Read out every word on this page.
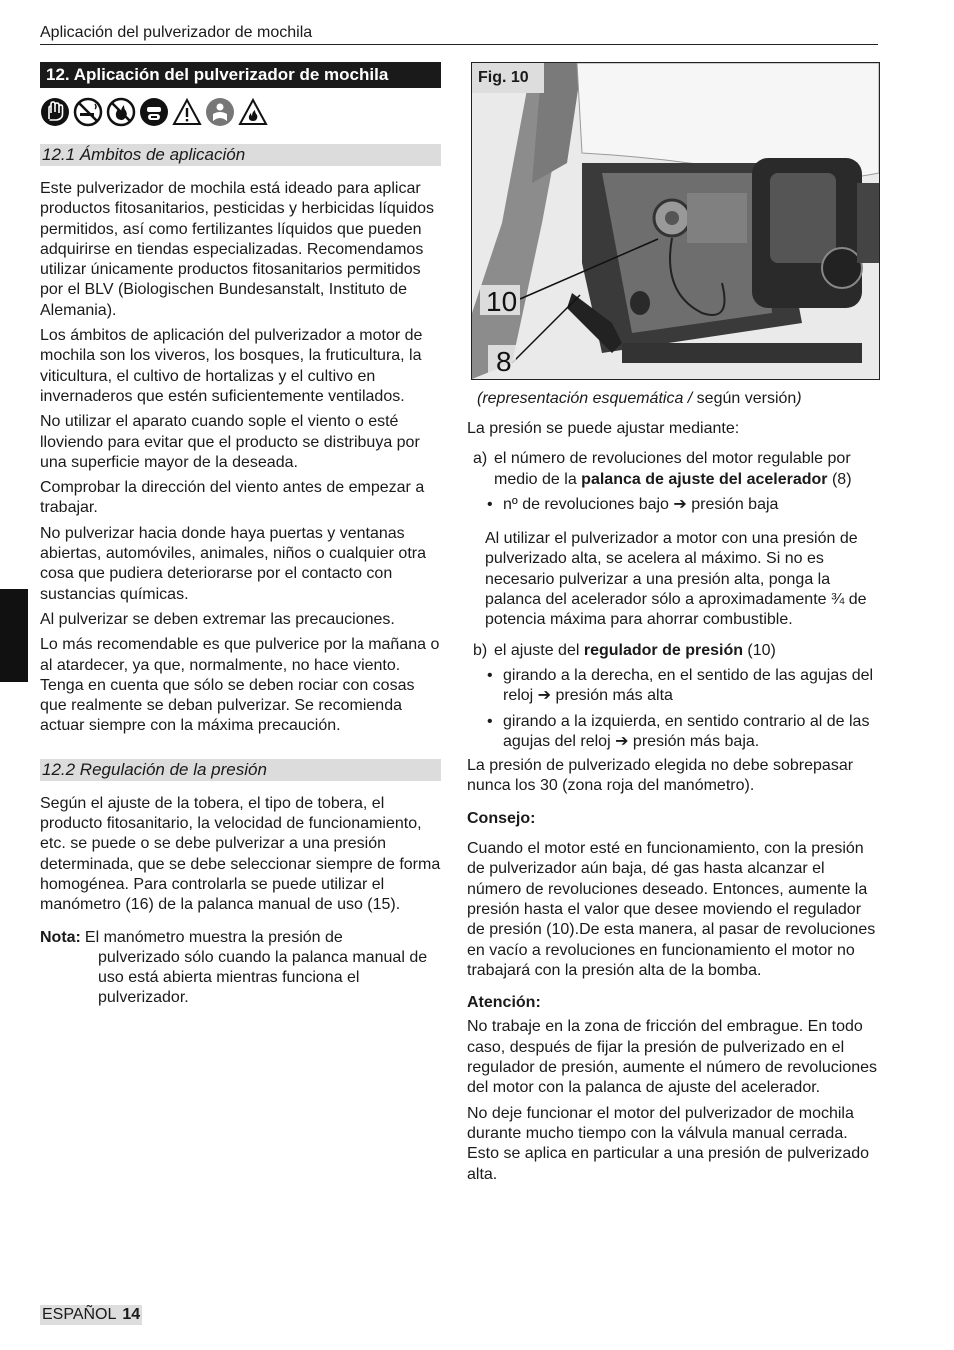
Aplicación del pulverizador de mochila
12. Aplicación del pulverizador de mochila
12.1 Ámbitos de aplicación

Este pulverizador de mochila está ideado para aplicar productos fitosanitarios, pesticidas y herbicidas líquidos permitidos, así como fertilizantes líquidos que pueden adquirirse en tiendas especializadas. Recomendamos utilizar únicamente productos fitosanitarios permitidos por el BLV (Biologischen Bundesanstalt, Instituto de Alemania).

Los ámbitos de aplicación del pulverizador a motor de mochila son los viveros, los bosques, la fruticultura, la viticultura, el cultivo de hortalizas y el cultivo en invernaderos que estén suficientemente ventilados.

No utilizar el aparato cuando sople el viento o esté lloviendo para evitar que el producto se distribuya por una superficie mayor de la deseada.

Comprobar la dirección del viento antes de empezar a trabajar.

No pulverizar hacia donde haya puertas y ventanas abiertas, automóviles, animales, niños o cualquier otra cosa que pudiera deteriorarse por el contacto con sustancias químicas.

Al pulverizar se deben extremar las precauciones.

Lo más recomendable es que pulverice por la mañana o al atardecer, ya que, normalmente, no hace viento. Tenga en cuenta que sólo se deben rociar con cosas que realmente se deban pulverizar. Se recomienda actuar siempre con la máxima precaución.

12.2 Regulación de la presión

Según el ajuste de la tobera, el tipo de tobera, el producto fitosanitario, la velocidad de funcionamiento, etc. se puede o se debe pulverizar a una presión determinada, que se debe seleccionar siempre de forma homogénea. Para controlarla se puede utilizar el manómetro (16) de la palanca manual de uso (15).

Nota: El manómetro muestra la presión de
pulverizado sólo cuando la palanca manual de uso está abierta mientras funciona el pulverizador.
Fig. 10
10
8
(representación esquemática / según versión)

La presión se puede ajustar mediante:

a) el número de revoluciones del motor regulable por medio de la palanca de ajuste del acelerador (8)
• nº de revoluciones bajo ➔ presión baja

Al utilizar el pulverizador a motor con una presión de pulverizado alta, se acelera al máximo. Si no es necesario pulverizar a una presión alta, ponga la palanca del acelerador sólo a aproximadamente ¾ de potencia máxima para ahorrar combustible.

b) el ajuste del regulador de presión (10)
• girando a la derecha, en el sentido de las agujas del reloj ➔ presión más alta
• girando a la izquierda, en sentido contrario al de las agujas del reloj ➔ presión más baja.

La presión de pulverizado elegida no debe sobrepasar nunca los 30 (zona roja del manómetro).

Consejo:

Cuando el motor esté en funcionamiento, con la presión de pulverizador aún baja, dé gas hasta alcanzar el número de revoluciones deseado. Entonces, aumente la presión hasta el valor que desee moviendo el regulador de presión (10).De esta manera, al pasar de revoluciones en vacío a revoluciones en funcionamiento el motor no trabajará con la presión alta de la bomba.

Atención:

No trabaje en la zona de fricción del embrague. En todo caso, después de fijar la presión de pulverizado en el regulador de presión, aumente el número de revoluciones del motor con la palanca de ajuste del acelerador.

No deje funcionar el motor del pulverizador de mochila durante mucho tiempo con la válvula manual cerrada. Esto se aplica en particular a una presión de pulverizado alta.

ESPAÑOL 14
